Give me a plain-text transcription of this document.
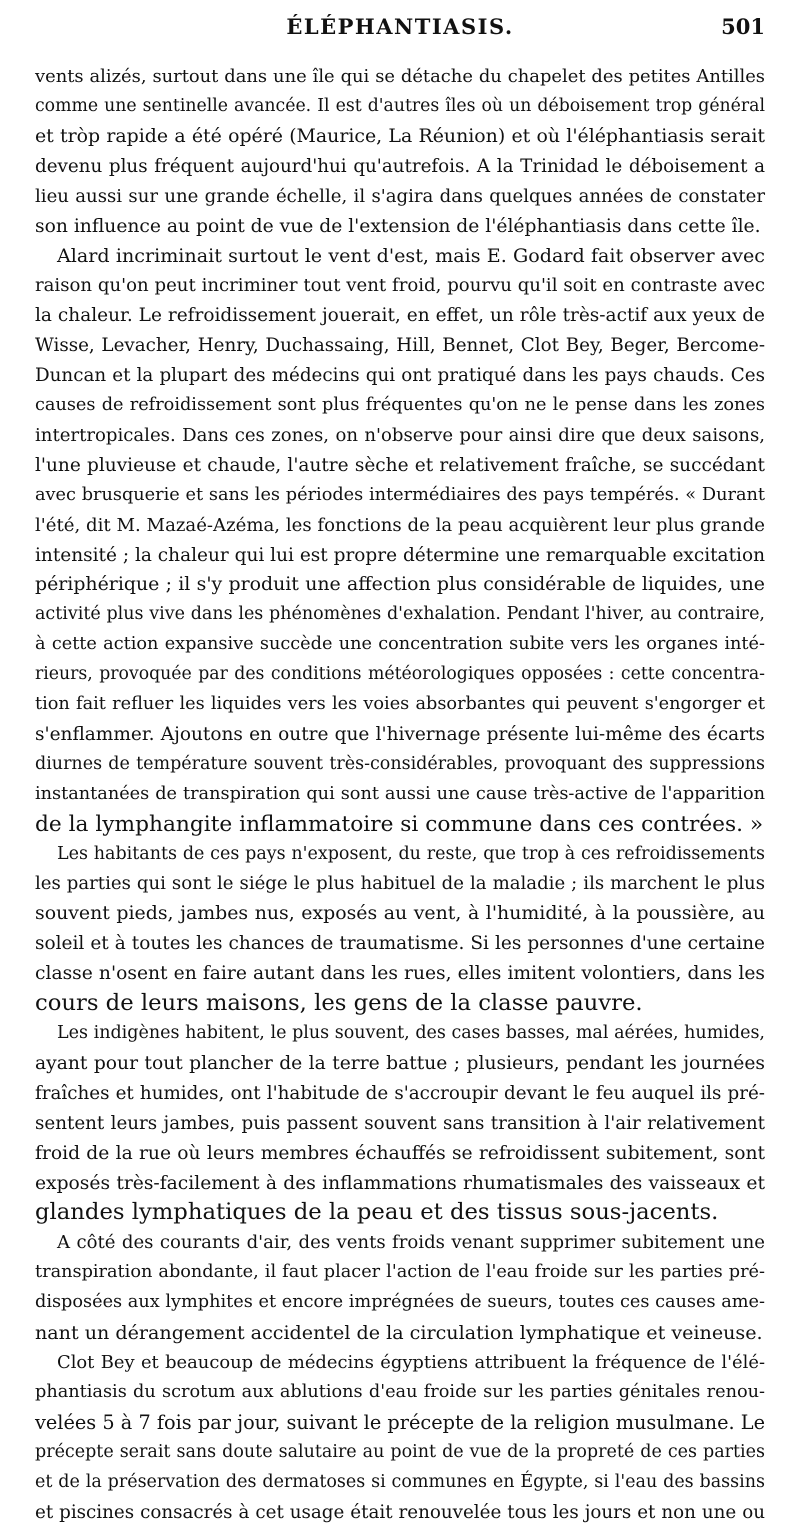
ÉLÉPHANTIASIS.	501
vents alizés, surtout dans une île qui se détache du chapelet des petites Antilles
comme une sentinelle avancée. Il est d'autres îles où un déboisement trop général
et tròp rapide a été opéré (Maurice, La Réunion) et où l'éléphantiasis serait
devenu plus fréquent aujourd'hui qu'autrefois. A la Trinidad le déboisement a
lieu aussi sur une grande échelle, il s'agira dans quelques années de constater
son influence au point de vue de l'extension de l'éléphantiasis dans cette île.
Alard incriminait surtout le vent d'est, mais E. Godard fait observer avec
raison qu'on peut incriminer tout vent froid, pourvu qu'il soit en contraste avec
la chaleur. Le refroidissement jouerait, en effet, un rôle très-actif aux yeux de
Wisse, Levacher, Henry, Duchassaing, Hill, Bennet, Clot Bey, Beger, Bercome-
Duncan et la plupart des médecins qui ont pratiqué dans les pays chauds. Ces
causes de refroidissement sont plus fréquentes qu'on ne le pense dans les zones
intertropicales. Dans ces zones, on n'observe pour ainsi dire que deux saisons,
l'une pluvieuse et chaude, l'autre sèche et relativement fraîche, se succédant
avec brusquerie et sans les périodes intermédiaires des pays tempérés. « Durant
l'été, dit M. Mazaé-Azéma, les fonctions de la peau acquièrent leur plus grande
intensité ; la chaleur qui lui est propre détermine une remarquable excitation
périphérique ; il s'y produit une affection plus considérable de liquides, une
activité plus vive dans les phénomènes d'exhalation. Pendant l'hiver, au contraire,
à cette action expansive succède une concentration subite vers les organes inté-
rieurs, provoquée par des conditions météorologiques opposées : cette concentra-
tion fait refluer les liquides vers les voies absorbantes qui peuvent s'engorger et
s'enflammer. Ajoutons en outre que l'hivernage présente lui-même des écarts
diurnes de température souvent très-considérables, provoquant des suppressions
instantanées de transpiration qui sont aussi une cause très-active de l'apparition
de la lymphangite inflammatoire si commune dans ces contrées. »
Les habitants de ces pays n'exposent, du reste, que trop à ces refroidissements
les parties qui sont le siége le plus habituel de la maladie ; ils marchent le plus
souvent pieds, jambes nus, exposés au vent, à l'humidité, à la poussière, au
soleil et à toutes les chances de traumatisme. Si les personnes d'une certaine
classe n'osent en faire autant dans les rues, elles imitent volontiers, dans les
cours de leurs maisons, les gens de la classe pauvre.
Les indigènes habitent, le plus souvent, des cases basses, mal aérées, humides,
ayant pour tout plancher de la terre battue ; plusieurs, pendant les journées
fraîches et humides, ont l'habitude de s'accroupir devant le feu auquel ils pré-
sentent leurs jambes, puis passent souvent sans transition à l'air relativement
froid de la rue où leurs membres échauffés se refroidissent subitement, sont
exposés très-facilement à des inflammations rhumatismales des vaisseaux et
glandes lymphatiques de la peau et des tissus sous-jacents.
A côté des courants d'air, des vents froids venant supprimer subitement une
transpiration abondante, il faut placer l'action de l'eau froide sur les parties pré-
disposées aux lymphites et encore imprégnées de sueurs, toutes ces causes ame-
nant un dérangement accidentel de la circulation lymphatique et veineuse.
Clot Bey et beaucoup de médecins égyptiens attribuent la fréquence de l'élé-
phantiasis du scrotum aux ablutions d'eau froide sur les parties génitales renou-
velées 5 à 7 fois par jour, suivant le précepte de la religion musulmane. Le
précepte serait sans doute salutaire au point de vue de la propreté de ces parties
et de la préservation des dermatoses si communes en Égypte, si l'eau des bassins
et piscines consacrés à cet usage était renouvelée tous les jours et non une ou
